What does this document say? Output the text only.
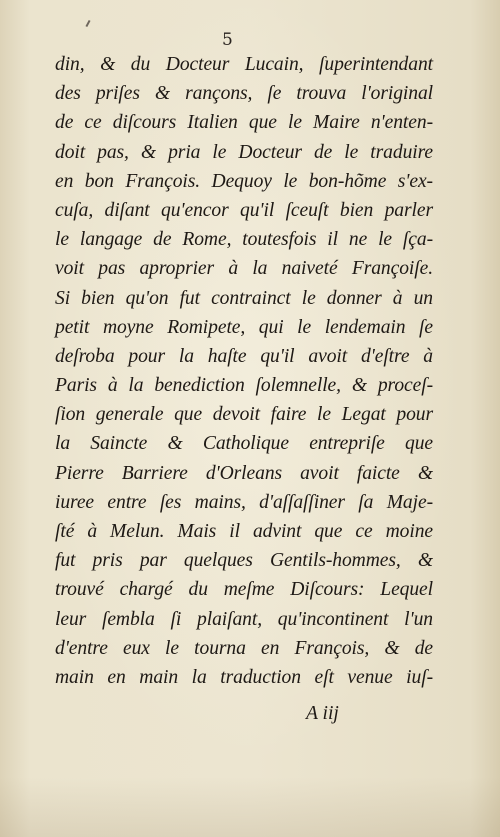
5
din, & du Docteur Lucain, ſuperintendant
des priſes & rançons, ſe trouva l'original
de ce diſcours Italien que le Maire n'enten-
doit pas, & pria le Docteur de le traduire
en bon François. Dequoy le bon-hõme s'ex-
cuſa, diſant qu'encor qu'il ſceuſt bien parler
le langage de Rome, toutesfois il ne le ſça-
voit pas aproprier à la naiveté Françoiſe.
Si bien qu'on fut contrainct le donner à un
petit moyne Romipete, qui le lendemain ſe
deſroba pour la haſte qu'il avoit d'eſtre à
Paris à la benediction ſolemnelle, & proceſ-
ſion generale que devoit faire le Legat pour
la Saincte & Catholique entrepriſe que
Pierre Barriere d'Orleans avoit faicte &
iuree entre ſes mains, d'aſſaſſiner ſa Maje-
ſté à Melun. Mais il advint que ce moine
fut pris par quelques Gentils-hommes, &
trouvé chargé du meſme Diſcours: Lequel
leur ſembla ſi plaiſant, qu'incontinent l'un
d'entre eux le tourna en François, & de
main en main la traduction eſt venue iuſ-
A iij
